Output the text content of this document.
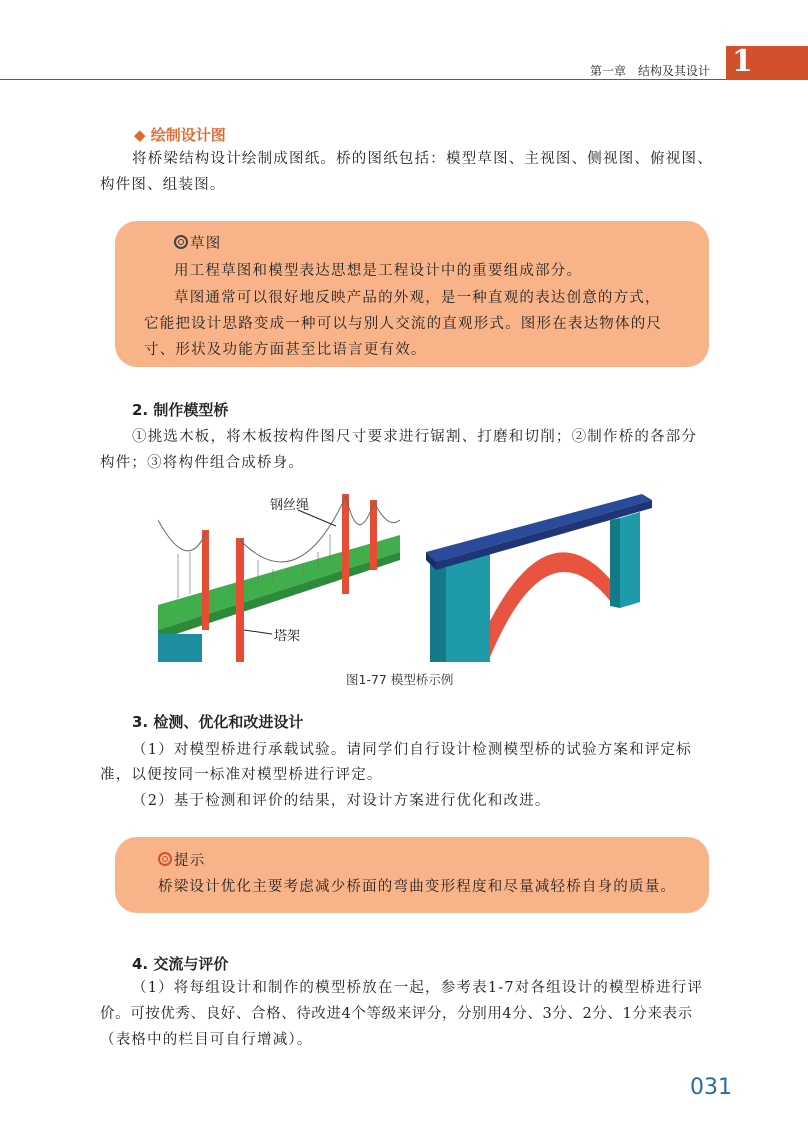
第一章 结构及其设计 1
◆ 绘制设计图
将桥梁结构设计绘制成图纸。桥的图纸包括：模型草图、主视图、侧视图、俯视图、
构件图、组装图。
草图
用工程草图和模型表达思想是工程设计中的重要组成部分。
草图通常可以很好地反映产品的外观，是一种直观的表达创意的方式，
它能把设计思路变成一种可以与别人交流的直观形式。图形在表达物体的尺
寸、形状及功能方面甚至比语言更有效。
2. 制作模型桥
①挑选木板，将木板按构件图尺寸要求进行锯割、打磨和切削；②制作桥的各部分
构件；③将构件组合成桥身。
钢丝绳
塔架
图1-77 模型桥示例
3. 检测、优化和改进设计
（1）对模型桥进行承载试验。请同学们自行设计检测模型桥的试验方案和评定标
准，以便按同一标准对模型桥进行评定。
（2）基于检测和评价的结果，对设计方案进行优化和改进。
提示
桥梁设计优化主要考虑减少桥面的弯曲变形程度和尽量减轻桥自身的质量。
4. 交流与评价
（1）将每组设计和制作的模型桥放在一起，参考表1-7对各组设计的模型桥进行评
价。可按优秀、良好、合格、待改进4个等级来评分，分别用4分、3分、2分、1分来表示
（表格中的栏目可自行增减）。
031
